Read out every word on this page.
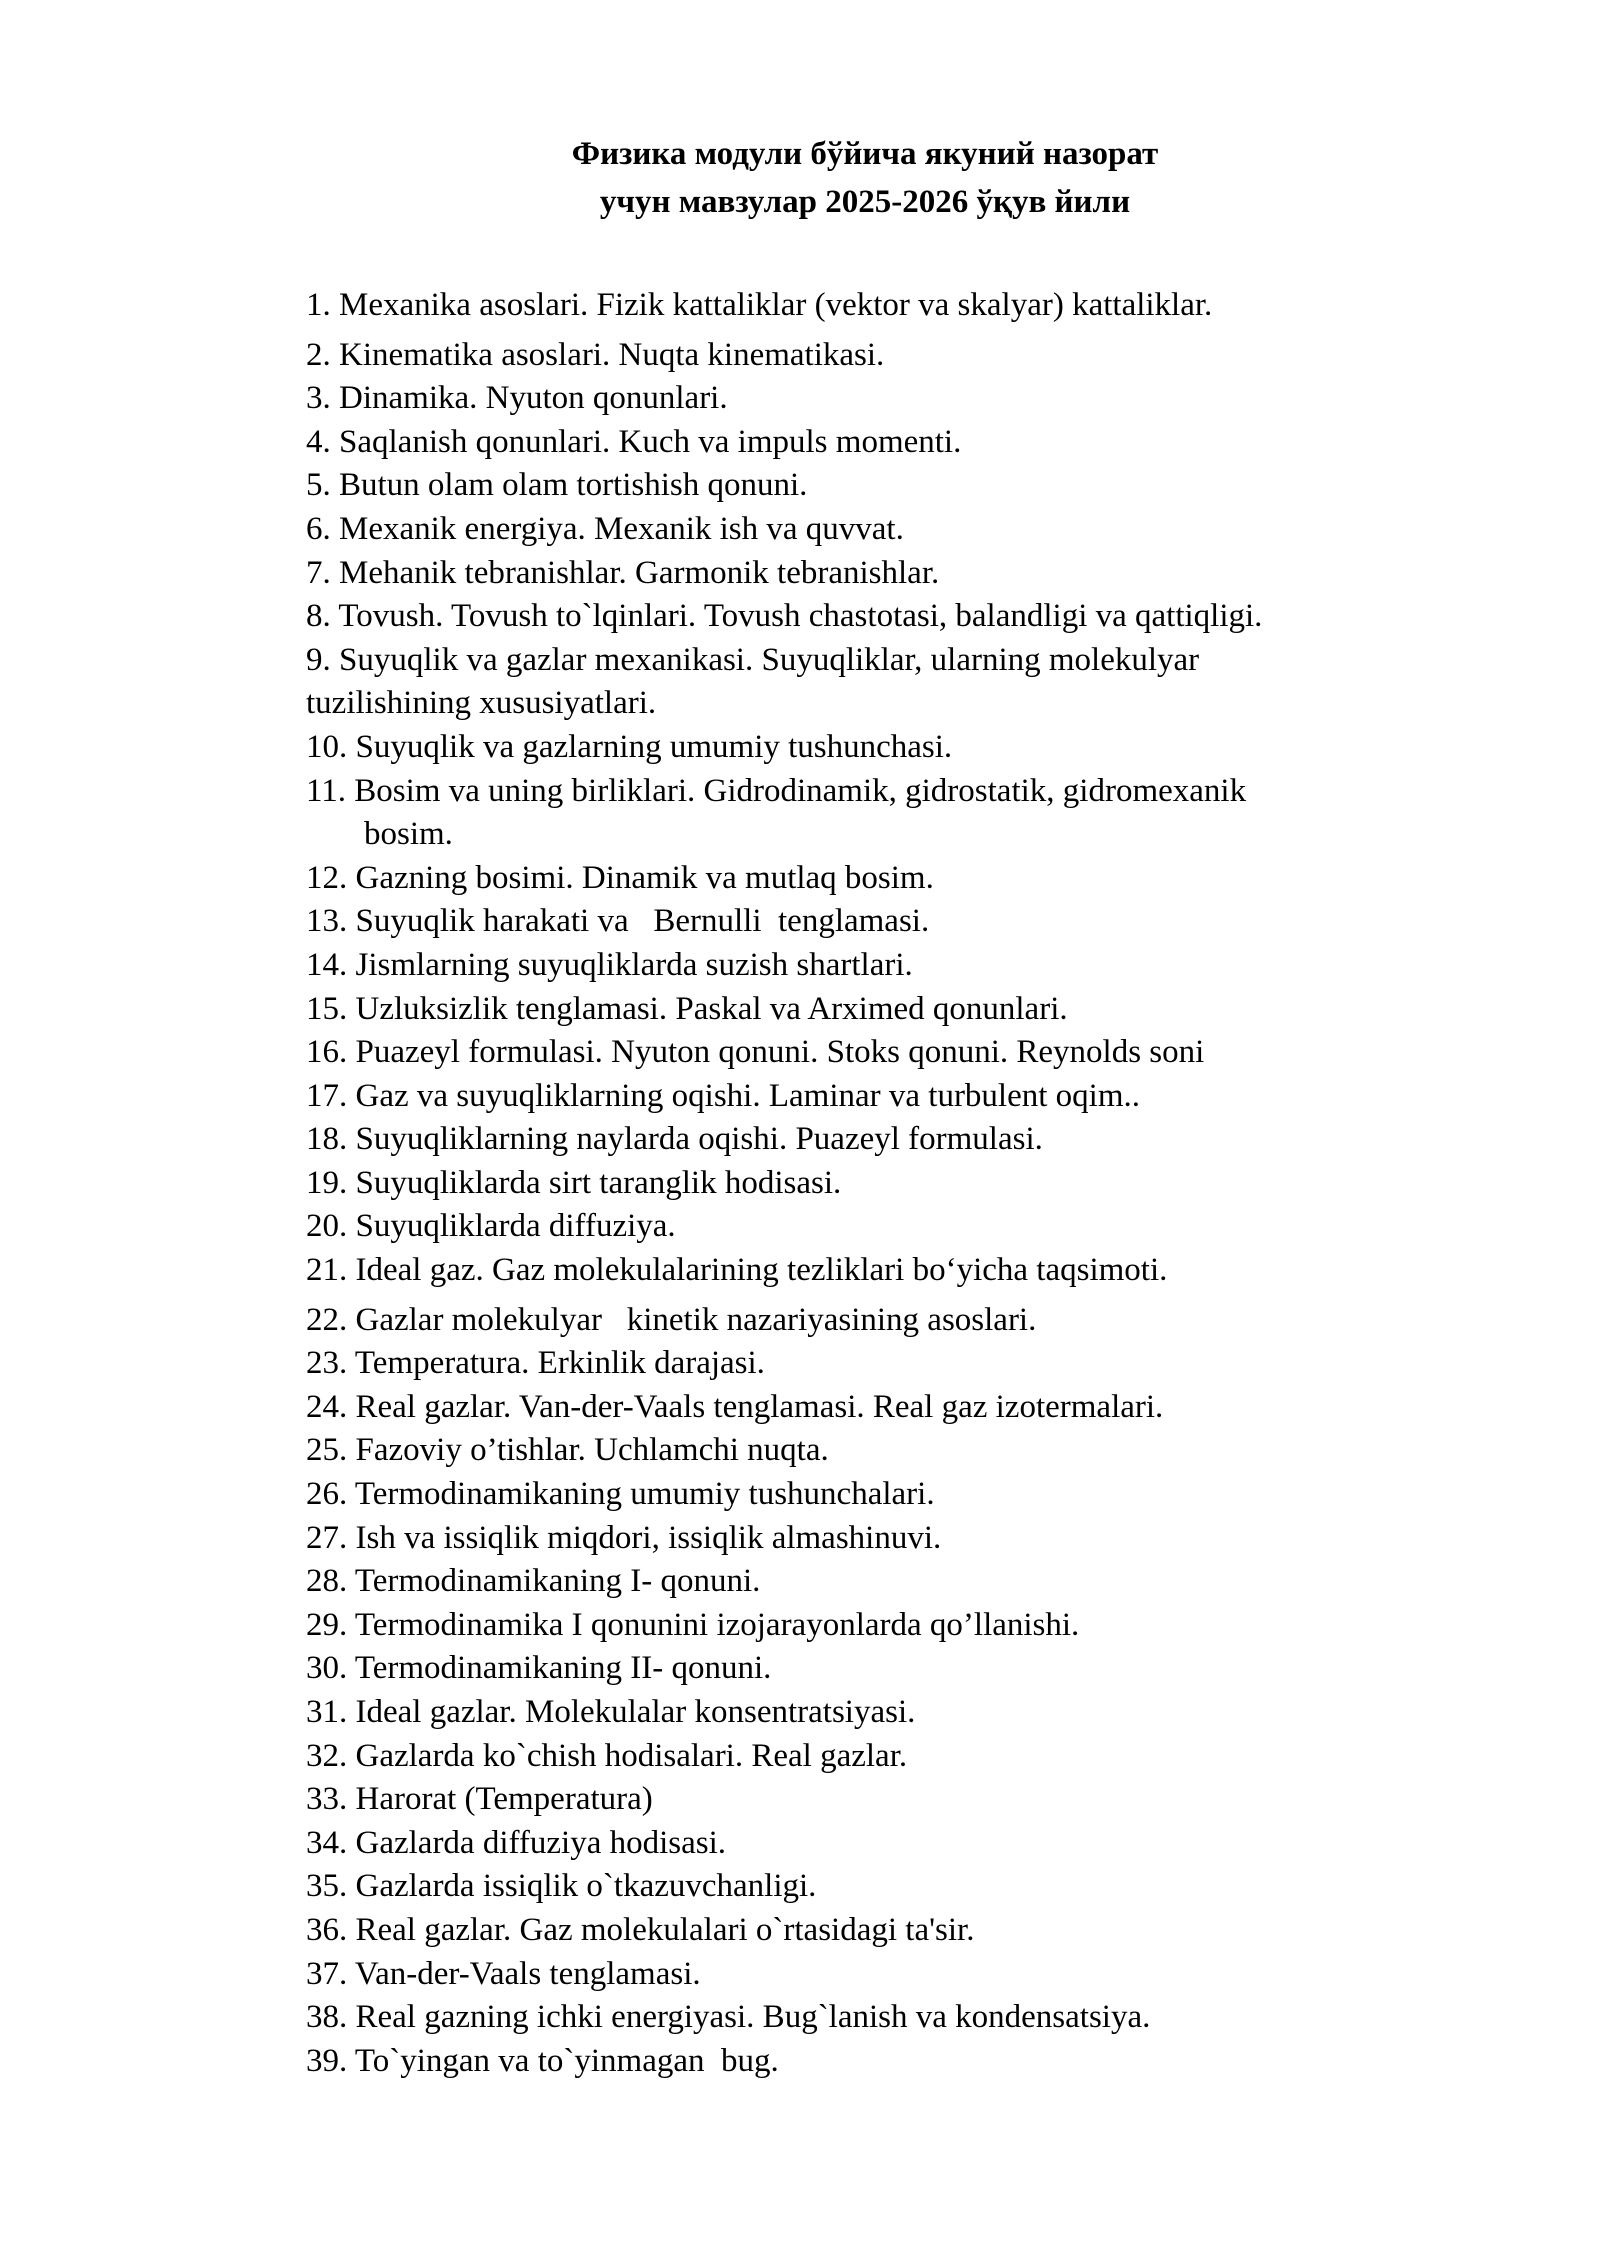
Физика модули бўйича якуний назорат
учун мавзулар 2025-2026 ўқув йили
1. Mexanika asoslari. Fizik kattaliklar (vektor va skalyar) kattaliklar.
2. Kinematika asoslari. Nuqta kinematikasi.
3. Dinamika. Nyuton qonunlari.
4. Saqlanish qonunlari. Kuch va impuls momenti.
5. Butun olam olam tortishish qonuni.
6. Mexanik energiya. Mexanik ish va quvvat.
7. Mehanik tebranishlar. Garmonik tebranishlar.
8. Tovush. Tovush to`lqinlari. Tovush chastotasi, balandligi va qattiqligi.
9. Suyuqlik va gazlar mexanikasi. Suyuqliklar, ularning molekulyar
tuzilishining xususiyatlari.
10. Suyuqlik va gazlarning umumiy tushunchasi.
11. Bosim va uning birliklari. Gidrodinamik, gidrostatik, gidromexanik
bosim.
12. Gazning bosimi. Dinamik va mutlaq bosim.
13. Suyuqlik harakati va   Bernulli  tenglamasi.
14. Jismlarning suyuqliklarda suzish shartlari.
15. Uzluksizlik tenglamasi. Paskal va Arximed qonunlari.
16. Puazeyl formulasi. Nyuton qonuni. Stoks qonuni. Reynolds soni
17. Gaz va suyuqliklarning oqishi. Laminar va turbulent oqim..
18. Suyuqliklarning naylarda oqishi. Puazeyl formulasi.
19. Suyuqliklarda sirt taranglik hodisasi.
20. Suyuqliklarda diffuziya.
21. Ideal gaz. Gaz molekulalarining tezliklari bo‘yicha taqsimoti.
22. Gazlar molekulyar   kinetik nazariyasining asoslari.
23. Temperatura. Erkinlik darajasi.
24. Real gazlar. Van-der-Vaals tenglamasi. Real gaz izotermalari.
25. Fazoviy o’tishlar. Uchlamchi nuqta.
26. Termodinamikaning umumiy tushunchalari.
27. Ish va issiqlik miqdori, issiqlik almashinuvi.
28. Termodinamikaning I- qonuni.
29. Termodinamika I qonunini izojarayonlarda qo’llanishi.
30. Termodinamikaning II- qonuni.
31. Ideal gazlar. Molekulalar konsentratsiyasi.
32. Gazlarda ko`chish hodisalari. Real gazlar.
33. Harorat (Temperatura)
34. Gazlarda diffuziya hodisasi.
35. Gazlarda issiqlik o`tkazuvchanligi.
36. Real gazlar. Gaz molekulalari o`rtasidagi ta'sir.
37. Van-der-Vaals tenglamasi.
38. Real gazning ichki energiyasi. Bug`lanish va kondensatsiya.
39. To`yingan va to`yinmagan  bug.
